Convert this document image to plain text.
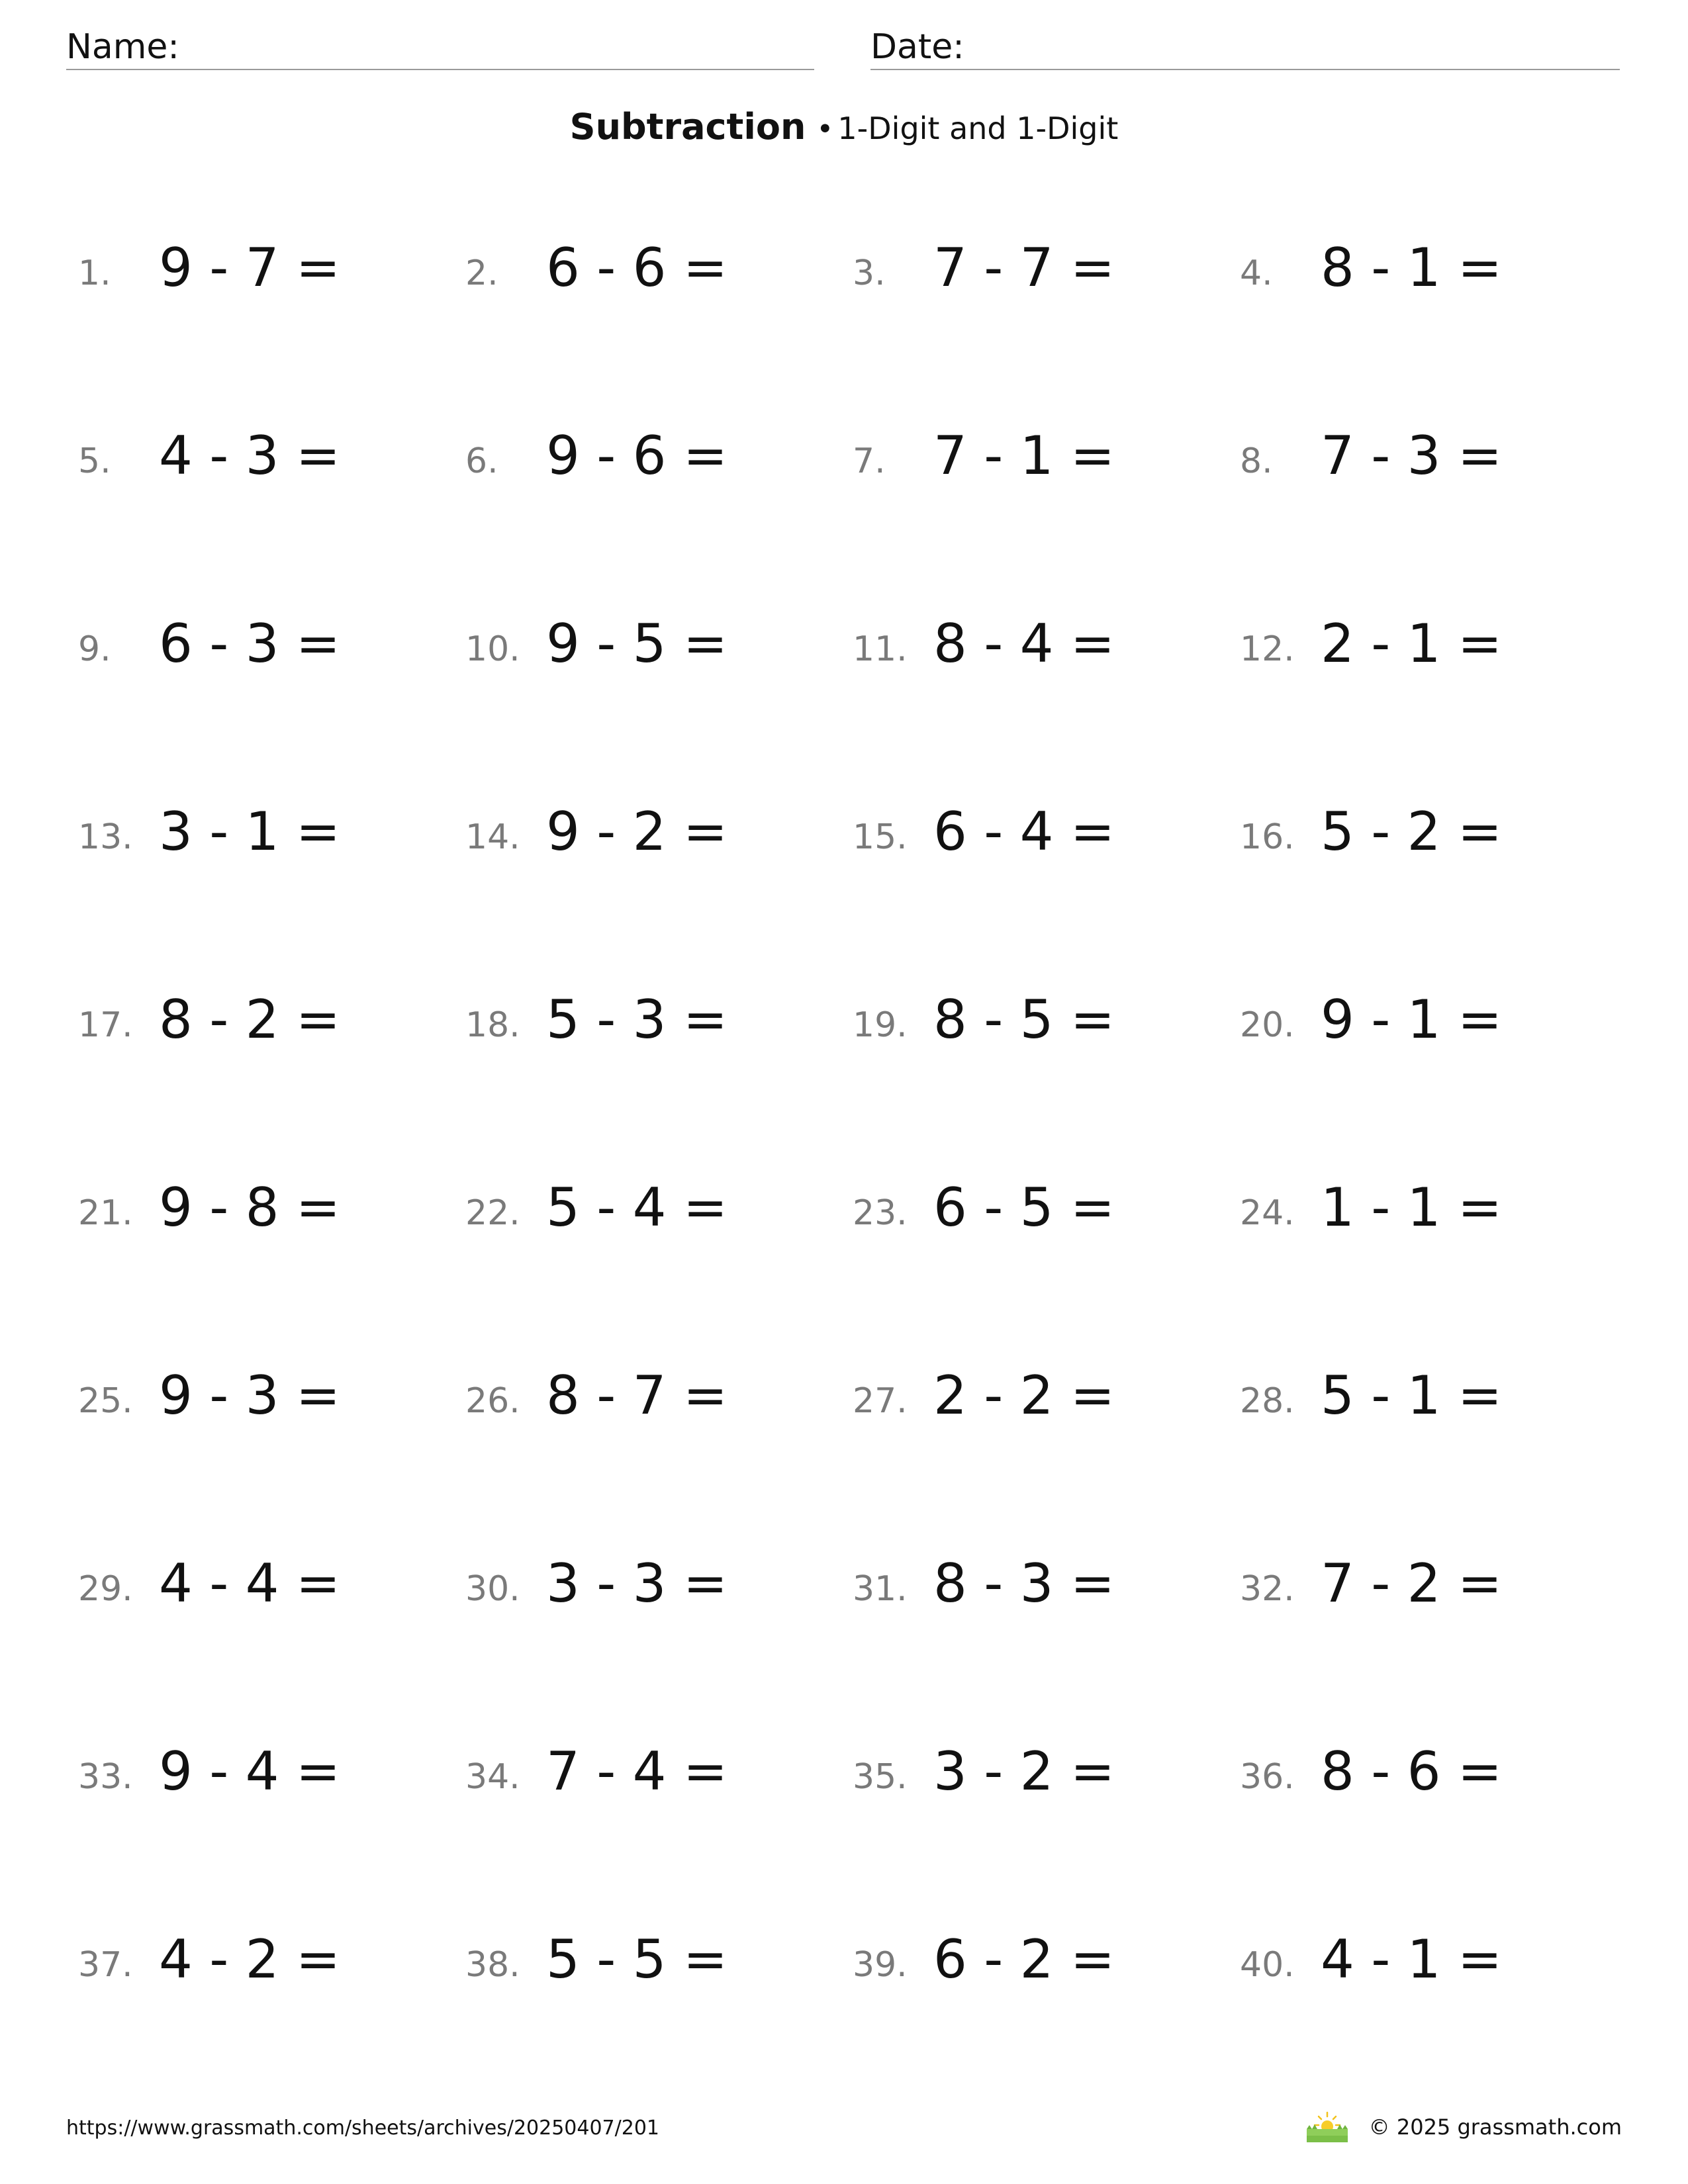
Name:	Date:
Subtraction • 1-Digit and 1-Digit
1. 9 - 7 =	2. 6 - 6 =	3. 7 - 7 =	4. 8 - 1 =
5. 4 - 3 =	6. 9 - 6 =	7. 7 - 1 =	8. 7 - 3 =
9. 6 - 3 =	10. 9 - 5 =	11. 8 - 4 =	12. 2 - 1 =
13. 3 - 1 =	14. 9 - 2 =	15. 6 - 4 =	16. 5 - 2 =
17. 8 - 2 =	18. 5 - 3 =	19. 8 - 5 =	20. 9 - 1 =
21. 9 - 8 =	22. 5 - 4 =	23. 6 - 5 =	24. 1 - 1 =
25. 9 - 3 =	26. 8 - 7 =	27. 2 - 2 =	28. 5 - 1 =
29. 4 - 4 =	30. 3 - 3 =	31. 8 - 3 =	32. 7 - 2 =
33. 9 - 4 =	34. 7 - 4 =	35. 3 - 2 =	36. 8 - 6 =
37. 4 - 2 =	38. 5 - 5 =	39. 6 - 2 =	40. 4 - 1 =
https://www.grassmath.com/sheets/archives/20250407/201	© 2025 grassmath.com
